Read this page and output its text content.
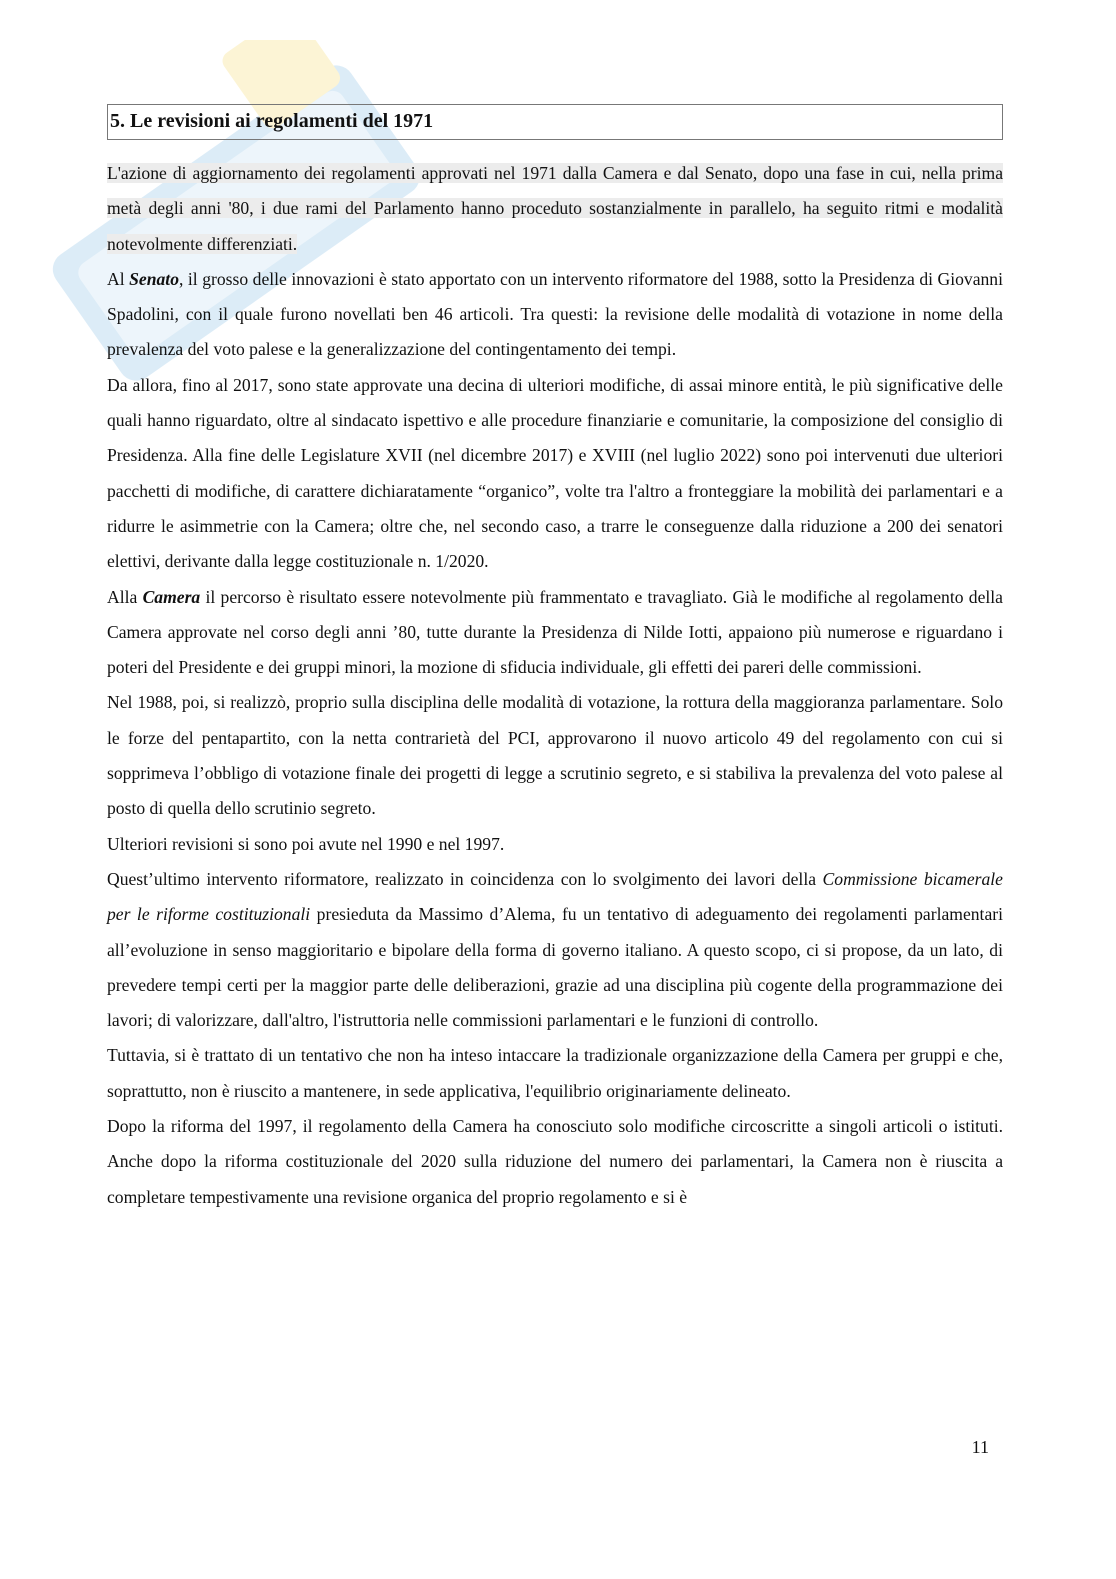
5. Le revisioni ai regolamenti del 1971

L'azione di aggiornamento dei regolamenti approvati nel 1971 dalla Camera e dal Senato, dopo una fase in cui, nella prima metà degli anni '80, i due rami del Parlamento hanno proceduto sostanzialmente in parallelo, ha seguito ritmi e modalità notevolmente differenziati.

Al Senato, il grosso delle innovazioni è stato apportato con un intervento riformatore del 1988, sotto la Presidenza di Giovanni Spadolini, con il quale furono novellati ben 46 articoli. Tra questi: la revisione delle modalità di votazione in nome della prevalenza del voto palese e la generalizzazione del contingentamento dei tempi.

Da allora, fino al 2017, sono state approvate una decina di ulteriori modifiche, di assai minore entità, le più significative delle quali hanno riguardato, oltre al sindacato ispettivo e alle procedure finanziarie e comunitarie, la composizione del consiglio di Presidenza. Alla fine delle Legislature XVII (nel dicembre 2017) e XVIII (nel luglio 2022) sono poi intervenuti due ulteriori pacchetti di modifiche, di carattere dichiaratamente “organico”, volte tra l'altro a fronteggiare la mobilità dei parlamentari e a ridurre le asimmetrie con la Camera; oltre che, nel secondo caso, a trarre le conseguenze dalla riduzione a 200 dei senatori elettivi, derivante dalla legge costituzionale n. 1/2020.

Alla Camera il percorso è risultato essere notevolmente più frammentato e travagliato. Già le modifiche al regolamento della Camera approvate nel corso degli anni ’80, tutte durante la Presidenza di Nilde Iotti, appaiono più numerose e riguardano i poteri del Presidente e dei gruppi minori, la mozione di sfiducia individuale, gli effetti dei pareri delle commissioni.

Nel 1988, poi, si realizzò, proprio sulla disciplina delle modalità di votazione, la rottura della maggioranza parlamentare. Solo le forze del pentapartito, con la netta contrarietà del PCI, approvarono il nuovo articolo 49 del regolamento con cui si sopprimeva l’obbligo di votazione finale dei progetti di legge a scrutinio segreto, e si stabiliva la prevalenza del voto palese al posto di quella dello scrutinio segreto.

Ulteriori revisioni si sono poi avute nel 1990 e nel 1997.

Quest’ultimo intervento riformatore, realizzato in coincidenza con lo svolgimento dei lavori della Commissione bicamerale per le riforme costituzionali presieduta da Massimo d’Alema, fu un tentativo di adeguamento dei regolamenti parlamentari all’evoluzione in senso maggioritario e bipolare della forma di governo italiano. A questo scopo, ci si propose, da un lato, di prevedere tempi certi per la maggior parte delle deliberazioni, grazie ad una disciplina più cogente della programmazione dei lavori; di valorizzare, dall'altro, l'istruttoria nelle commissioni parlamentari e le funzioni di controllo.

Tuttavia, si è trattato di un tentativo che non ha inteso intaccare la tradizionale organizzazione della Camera per gruppi e che, soprattutto, non è riuscito a mantenere, in sede applicativa, l'equilibrio originariamente delineato.

Dopo la riforma del 1997, il regolamento della Camera ha conosciuto solo modifiche circoscritte a singoli articoli o istituti. Anche dopo la riforma costituzionale del 2020 sulla riduzione del numero dei parlamentari, la Camera non è riuscita a completare tempestivamente una revisione organica del proprio regolamento e si è

11
